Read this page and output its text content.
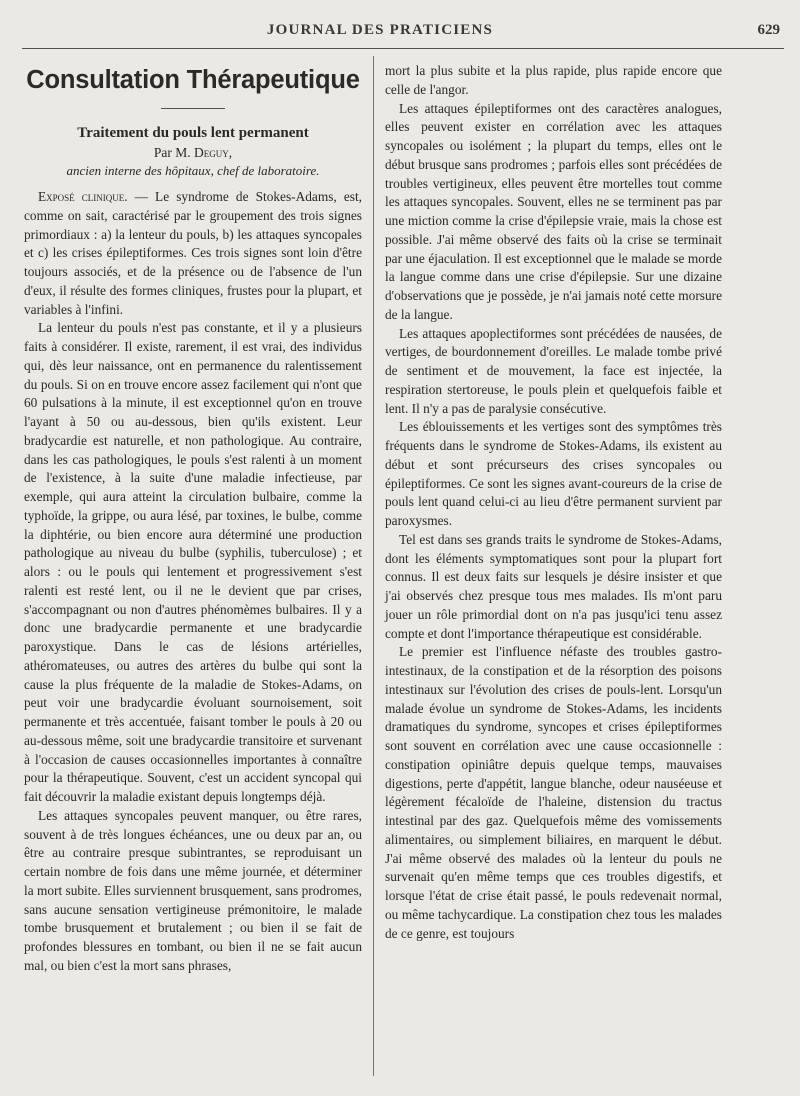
JOURNAL DES PRATICIENS	629
Consultation Thérapeutique
Traitement du pouls lent permanent

Par M. Deguy,

ancien interne des hôpitaux, chef de laboratoire.

Exposé clinique. — Le syndrome de Stokes-Adams, est, comme on sait, caractérisé par le groupement des trois signes primordiaux : a) la lenteur du pouls, b) les attaques syncopales et c) les crises épileptiformes. Ces trois signes sont loin d'être toujours associés, et de la présence ou de l'absence de l'un d'eux, il résulte des formes cliniques, frustes pour la plupart, et variables à l'infini.

La lenteur du pouls n'est pas constante, et il y a plusieurs faits à considérer. Il existe, rarement, il est vrai, des individus qui, dès leur naissance, ont en permanence du ralentissement du pouls. Si on en trouve encore assez facilement qui n'ont que 60 pulsations à la minute, il est exceptionnel qu'on en trouve l'ayant à 50 ou au-dessous, bien qu'ils existent. Leur bradycardie est naturelle, et non pathologique. Au contraire, dans les cas pathologiques, le pouls s'est ralenti à un moment de l'existence, à la suite d'une maladie infectieuse, par exemple, qui aura atteint la circulation bulbaire, comme la typhoïde, la grippe, ou aura lésé, par toxines, le bulbe, comme la diphtérie, ou bien encore aura déterminé une production pathologique au niveau du bulbe (syphilis, tuberculose) ; et alors : ou le pouls qui lentement et progressivement s'est ralenti est resté lent, ou il ne le devient que par crises, s'accompagnant ou non d'autres phénomèmes bulbaires. Il y a donc une bradycardie permanente et une bradycardie paroxystique. Dans le cas de lésions artérielles, athéromateuses, ou autres des artères du bulbe qui sont la cause la plus fréquente de la maladie de Stokes-Adams, on peut voir une bradycardie évoluant sournoisement, soit permanente et très accentuée, faisant tomber le pouls à 20 ou au-dessous même, soit une bradycardie transitoire et survenant à l'occasion de causes occasionnelles importantes à connaître pour la thérapeutique. Souvent, c'est un accident syncopal qui fait découvrir la maladie existant depuis longtemps déjà.

Les attaques syncopales peuvent manquer, ou être rares, souvent à de très longues échéances, une ou deux par an, ou être au contraire presque subintrantes, se reproduisant un certain nombre de fois dans une même journée, et déterminer la mort subite. Elles surviennent brusquement, sans prodromes, sans aucune sensation vertigineuse prémonitoire, le malade tombe brusquement et brutalement ; ou bien il se fait de profondes blessures en tombant, ou bien il ne se fait aucun mal, ou bien c'est la mort sans phrases,

mort la plus subite et la plus rapide, plus rapide encore que celle de l'angor.

Les attaques épileptiformes ont des caractères analogues, elles peuvent exister en corrélation avec les attaques syncopales ou isolément ; la plupart du temps, elles ont le début brusque sans prodromes ; parfois elles sont précédées de troubles vertigineux, elles peuvent être mortelles tout comme les attaques syncopales. Souvent, elles ne se terminent pas par une miction comme la crise d'épilepsie vraie, mais la chose est possible. J'ai même observé des faits où la crise se terminait par une éjaculation. Il est exceptionnel que le malade se morde la langue comme dans une crise d'épilepsie. Sur une dizaine d'observations que je possède, je n'ai jamais noté cette morsure de la langue.

Les attaques apoplectiformes sont précédées de nausées, de vertiges, de bourdonnement d'oreilles. Le malade tombe privé de sentiment et de mouvement, la face est injectée, la respiration stertoreuse, le pouls plein et quelquefois faible et lent. Il n'y a pas de paralysie consécutive.

Les éblouissements et les vertiges sont des symptômes très fréquents dans le syndrome de Stokes-Adams, ils existent au début et sont précurseurs des crises syncopales ou épileptiformes. Ce sont les signes avant-coureurs de la crise de pouls lent quand celui-ci au lieu d'être permanent survient par paroxysmes.

Tel est dans ses grands traits le syndrome de Stokes-Adams, dont les éléments symptomatiques sont pour la plupart fort connus. Il est deux faits sur lesquels je désire insister et que j'ai observés chez presque tous mes malades. Ils m'ont paru jouer un rôle primordial dont on n'a pas jusqu'ici tenu assez compte et dont l'importance thérapeutique est considérable.

Le premier est l'influence néfaste des troubles gastro-intestinaux, de la constipation et de la résorption des poisons intestinaux sur l'évolution des crises de pouls-lent. Lorsqu'un malade évolue un syndrome de Stokes-Adams, les incidents dramatiques du syndrome, syncopes et crises épileptiformes sont souvent en corrélation avec une cause occasionnelle : constipation opiniâtre depuis quelque temps, mauvaises digestions, perte d'appétit, langue blanche, odeur nauséeuse et légèrement fécaloïde de l'haleine, distension du tractus intestinal par des gaz. Quelquefois même des vomissements alimentaires, ou simplement biliaires, en marquent le début. J'ai même observé des malades où la lenteur du pouls ne survenait qu'en même temps que ces troubles digestifs, et lorsque l'état de crise était passé, le pouls redevenait normal, ou même tachycardique. La constipation chez tous les malades de ce genre, est toujours
